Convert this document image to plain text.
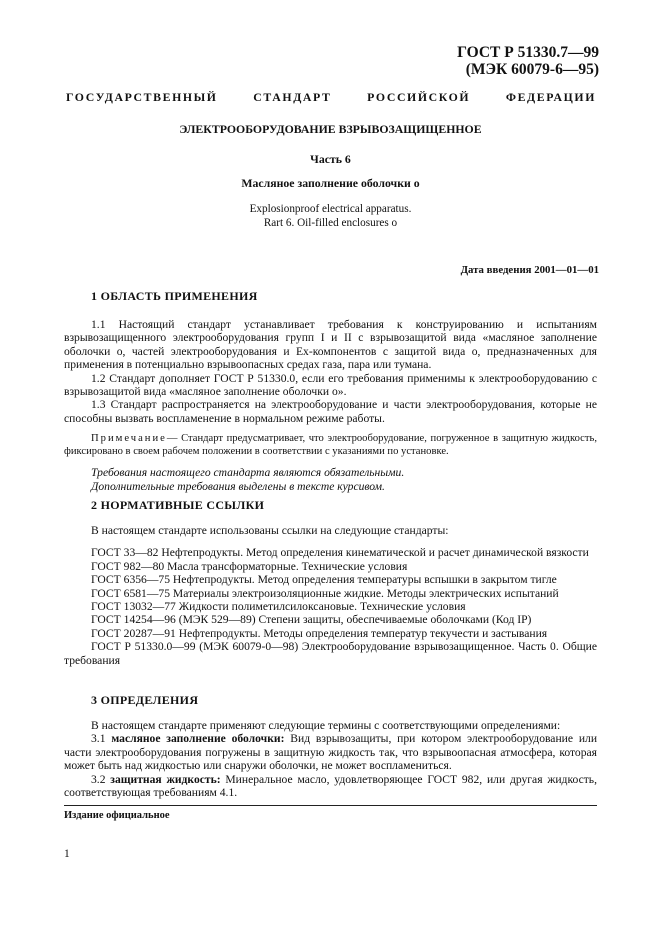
ГОСТ Р 51330.7—99
(МЭК 60079-6—95)
ГОСУДАРСТВЕННЫЙ СТАНДАРТ РОССИЙСКОЙ ФЕДЕРАЦИИ
ЭЛЕКТРООБОРУДОВАНИЕ ВЗРЫВОЗАЩИЩЕННОЕ
Часть 6
Масляное заполнение оболочки о
Explosionproof electrical apparatus.
Rart 6. Oil-filled enclosures o
Дата введения 2001—01—01
1 ОБЛАСТЬ ПРИМЕНЕНИЯ

1.1 Настоящий стандарт устанавливает требования к конструированию и испытаниям взрывозащищенного электрооборудования групп I и II с взрывозащитой вида «масляное заполнение оболочки о, частей электрооборудования и Ex-компонентов с защитой вида о, предназначенных для применения в потенциально взрывоопасных средах газа, пара или тумана.

1.2 Стандарт дополняет ГОСТ Р 51330.0, если его требования применимы к электрооборудованию с взрывозащитой вида «масляное заполнение оболочки о».

1.3 Стандарт распространяется на электрооборудование и части электрооборудования, которые не способны вызвать воспламенение в нормальном режиме работы.

Примечание— Стандарт предусматривает, что электрооборудование, погруженное в защитную жидкость, фиксировано в своем рабочем положении в соответствии с указаниями по установке.

Требования настоящего стандарта являются обязательными.

Дополнительные требования выделены в тексте курсивом.

2 НОРМАТИВНЫЕ ССЫЛКИ

В настоящем стандарте использованы ссылки на следующие стандарты:

ГОСТ 33—82 Нефтепродукты. Метод определения кинематической и расчет динамической вязкости

ГОСТ 982—80 Масла трансформаторные. Технические условия

ГОСТ 6356—75 Нефтепродукты. Метод определения температуры вспышки в закрытом тигле

ГОСТ 6581—75 Материалы электроизоляционные жидкие. Методы электрических испытаний

ГОСТ 13032—77 Жидкости полиметилсилоксановые. Технические условия

ГОСТ 14254—96 (МЭК 529—89) Степени защиты, обеспечиваемые оболочками (Код IP)

ГОСТ 20287—91 Нефтепродукты. Методы определения температур текучести и застывания

ГОСТ Р 51330.0—99 (МЭК 60079-0—98) Электрооборудование взрывозащищенное. Часть 0. Общие требования

3 ОПРЕДЕЛЕНИЯ

В настоящем стандарте применяют следующие термины с соответствующими определениями:

3.1 масляное заполнение оболочки: Вид взрывозащиты, при котором электрооборудование или части электрооборудования погружены в защитную жидкость так, что взрывоопасная атмосфера, которая может быть над жидкостью или снаружи оболочки, не может воспламениться.

3.2 защитная жидкость: Минеральное масло, удовлетворяющее ГОСТ 982, или другая жидкость, соответствующая требованиям 4.1.

Издание официальное
1
